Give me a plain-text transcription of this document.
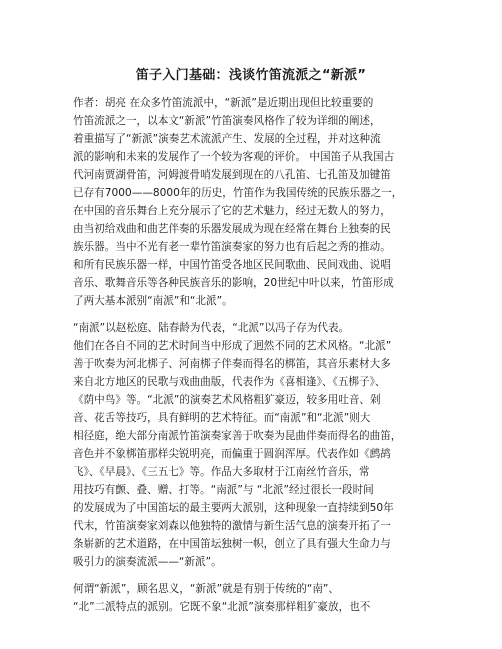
笛子入门基础：浅谈竹笛流派之“新派”
作者：胡亮 在众多竹笛流派中，“新派”是近期出现但比较重要的
竹笛流派之一，以本文“新派”竹笛演奏风格作了较为详细的阐述，
着重描写了“新派”演奏艺术流派产生、发展的全过程，并对这种流
派的影响和未来的发展作了一个较为客观的评价。 中国笛子从我国古
代河南贾湖骨笛，河姆渡骨哨发展到现在的八孔笛、七孔笛及加键笛
已存有7000——8000年的历史，竹笛作为我国传统的民族乐器之一，
在中国的音乐舞台上充分展示了它的艺术魅力，经过无数人的努力，
由当初给戏曲和曲艺伴奏的乐器发展成为现在经常在舞台上独奏的民
族乐器。当中不光有老一辈竹笛演奏家的努力也有后起之秀的推动。
和所有民族乐器一样，中国竹笛受各地区民间歌曲、民间戏曲、说唱
音乐、歌舞音乐等各种民族音乐的影响，20世纪中叶以来，竹笛形成
了两大基本派别“南派”和“北派”。
“南派”以赵松庭、陆春龄为代表，“北派”以冯子存为代表。
他们在各自不同的艺术时间当中形成了迥然不同的艺术风格。“北派”
善于吹奏为河北梆子、河南梆子伴奏而得名的梆笛，其音乐素材大多
来自北方地区的民歌与戏曲曲版，代表作为《喜相逢》、《五梆子》、
《荫中鸟》等。“北派”的演奏艺术风格粗犷豪迈，较多用吐音、剁
音、花舌等技巧，具有鲜明的艺术特征。而“南派”和“北派”则大
相径庭，绝大部分南派竹笛演奏家善于吹奏为昆曲伴奏而得名的曲笛，
音色并不象梆笛那样尖锐明亮，而偏重于圆润浑厚。代表作如《鹧鸪
飞》、《早晨》、《三五七》等。作品大多取材于江南丝竹音乐，常
用技巧有颤、叠、赠、打等。“南派”与 “北派”经过很长一段时间
的发展成为了中国笛坛的最主要两大派别，这种现象一直持续到50年
代末，竹笛演奏家刘森以他独特的激情与新生活气息的演奏开拓了一
条崭新的艺术道路，在中国笛坛独树一帜，创立了具有强大生命力与
吸引力的演奏流派——“新派”。
何谓“新派”，顾名思义，“新派”就是有别于传统的“南”、
“北”二派特点的派别。它既不象“北派”演奏那样粗犷豪放，也不
